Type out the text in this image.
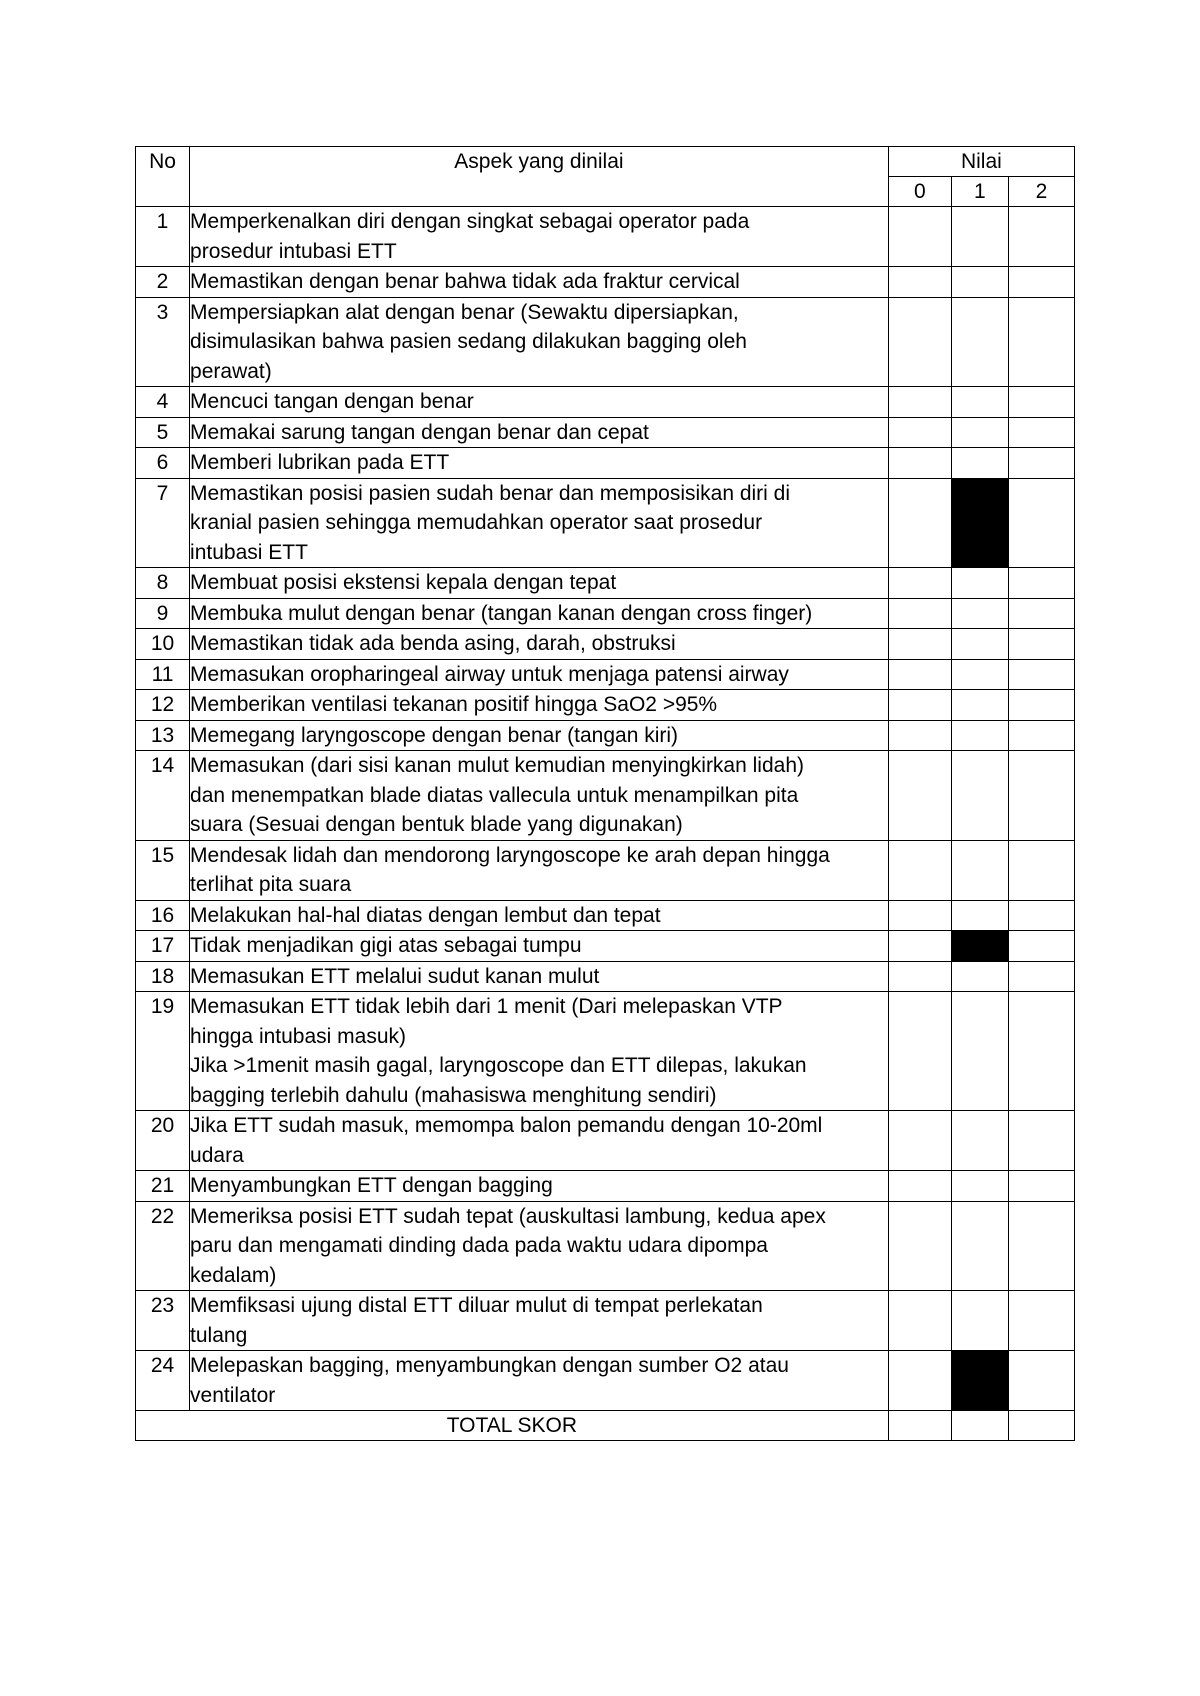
No	Aspek yang dinilai	Nilai		
		0	1	2
1	Memperkenalkan diri dengan singkat sebagai operator pada
prosedur intubasi ETT			
2	Memastikan dengan benar bahwa tidak ada fraktur cervical			
3	Mempersiapkan alat dengan benar (Sewaktu dipersiapkan,
disimulasikan bahwa pasien sedang dilakukan bagging oleh
perawat)			
4	Mencuci tangan dengan benar			
5	Memakai sarung tangan dengan benar dan cepat			
6	Memberi lubrikan pada ETT			
7	Memastikan posisi pasien sudah benar dan memposisikan diri di
kranial pasien sehingga memudahkan operator saat prosedur
intubasi ETT			
8	Membuat posisi ekstensi kepala dengan tepat			
9	Membuka mulut dengan benar (tangan kanan dengan cross finger)			
10	Memastikan tidak ada benda asing, darah, obstruksi			
11	Memasukan oropharingeal airway untuk menjaga patensi airway			
12	Memberikan ventilasi tekanan positif hingga SaO2 >95%			
13	Memegang laryngoscope dengan benar (tangan kiri)			
14	Memasukan (dari sisi kanan mulut kemudian menyingkirkan lidah)
dan menempatkan blade diatas vallecula untuk menampilkan pita
suara (Sesuai dengan bentuk blade yang digunakan)			
15	Mendesak lidah dan mendorong laryngoscope ke arah depan hingga
terlihat pita suara			
16	Melakukan hal-hal diatas dengan lembut dan tepat			
17	Tidak menjadikan gigi atas sebagai tumpu			
18	Memasukan ETT melalui sudut kanan mulut			
19	Memasukan ETT tidak lebih dari 1 menit (Dari melepaskan VTP
hingga intubasi masuk)
Jika >1menit masih gagal, laryngoscope dan ETT dilepas, lakukan
bagging terlebih dahulu (mahasiswa menghitung sendiri)			
20	Jika ETT sudah masuk, memompa balon pemandu dengan 10-20ml
udara			
21	Menyambungkan ETT dengan bagging			
22	Memeriksa posisi ETT sudah tepat (auskultasi lambung, kedua apex
paru dan mengamati dinding dada pada waktu udara dipompa
kedalam)			
23	Memfiksasi ujung distal ETT diluar mulut di tempat perlekatan
tulang			
24	Melepaskan bagging, menyambungkan dengan sumber O2 atau
ventilator			
TOTAL SKOR				
